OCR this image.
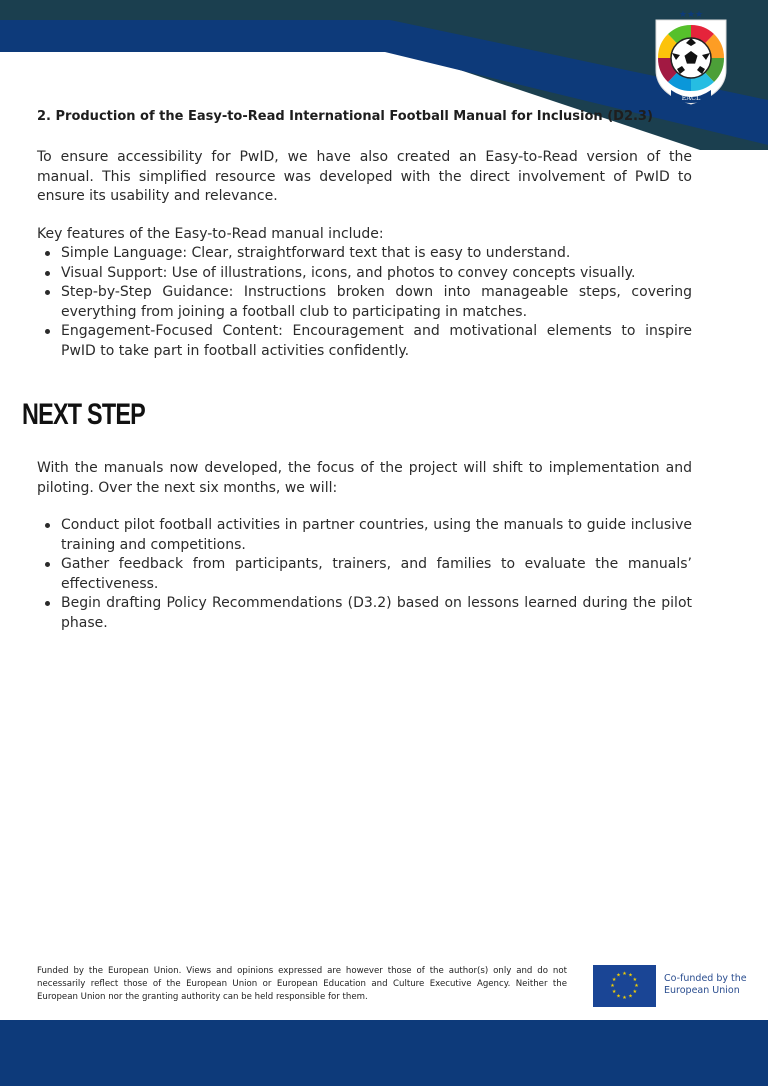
★★★
EACL

2. Production of the Easy-to-Read International Football Manual for Inclusion (D2.3)

To ensure accessibility for PwID, we have also created an Easy-to-Read version of the manual. This simplified resource was developed with the direct involvement of PwID to ensure its usability and relevance.

Key features of the Easy-to-Read manual include:

Simple Language: Clear, straightforward text that is easy to understand.
Visual Support: Use of illustrations, icons, and photos to convey concepts visually.
Step-by-Step Guidance: Instructions broken down into manageable steps, covering everything from joining a football club to participating in matches.
Engagement-Focused Content: Encouragement and motivational elements to inspire PwID to take part in football activities confidently.
NEXT STEP

With the manuals now developed, the focus of the project will shift to implementation and piloting. Over the next six months, we will:

Conduct pilot football activities in partner countries, using the manuals to guide inclusive training and competitions.
Gather feedback from participants, trainers, and families to evaluate the manuals’ effectiveness.
Begin drafting Policy Recommendations (D3.2) based on lessons learned during the pilot phase.

Funded by the European Union. Views and opinions expressed are however those of the author(s) only and do not necessarily reflect those of the European Union or European Education and Culture Executive Agency. Neither the European Union nor the granting authority can be held responsible for them.

★ ★
★
★
★
★
★
★
★
★
★
★	Co-funded by the
European Union
